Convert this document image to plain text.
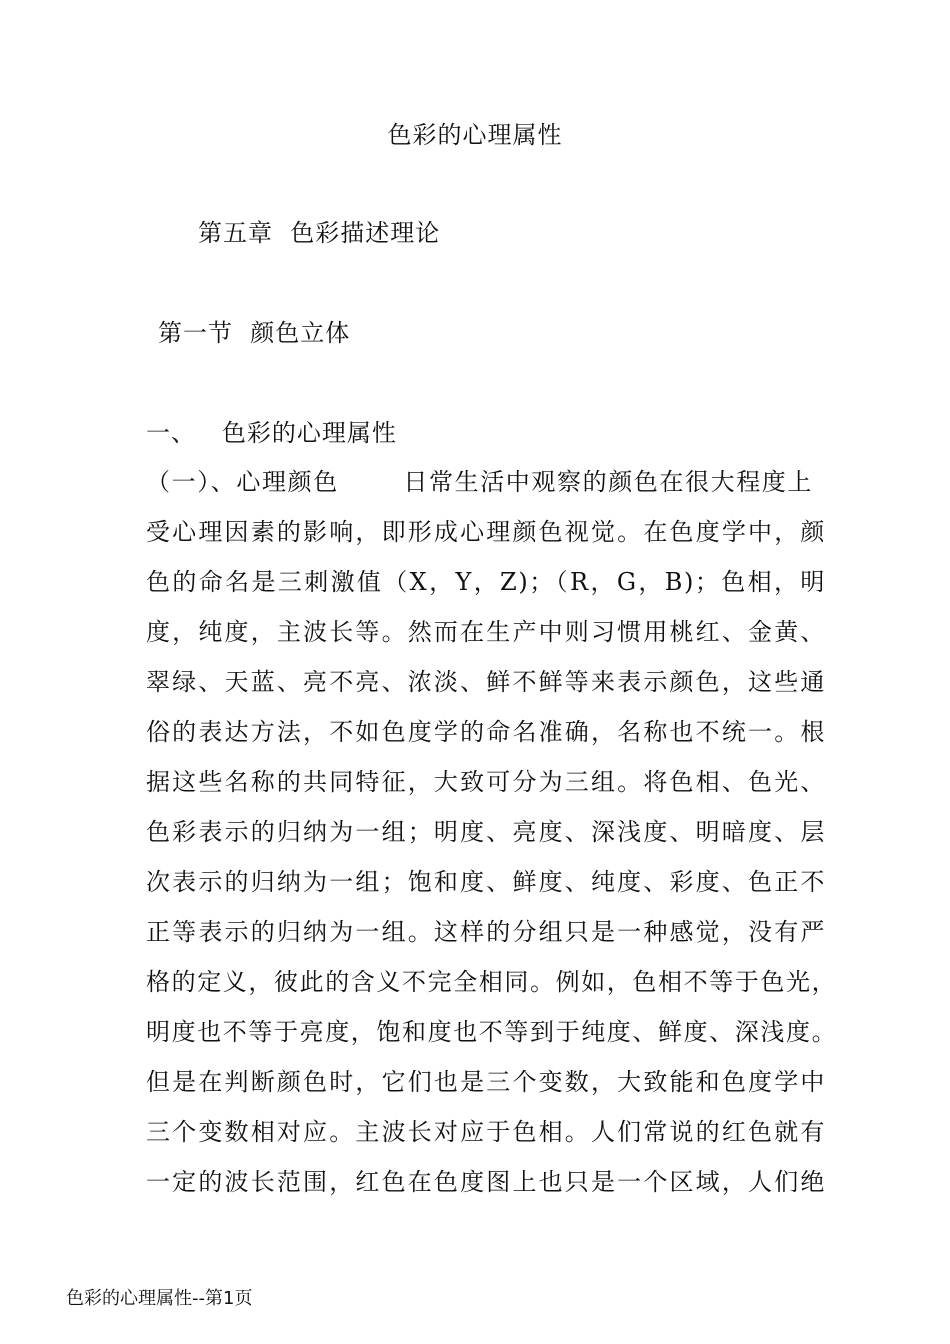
色彩的心理属性
第五章  色彩描述理论
第一节  颜色立体
一、   色彩的心理属性
（一）、心理颜色       日常生活中观察的颜色在很大程度上
受心理因素的影响，即形成心理颜色视觉。在色度学中，颜
色的命名是三刺激值（X，Y，Z)；（R，G，B)；色相，明
度，纯度，主波长等。然而在生产中则习惯用桃红、金黄、
翠绿、天蓝、亮不亮、浓淡、鲜不鲜等来表示颜色，这些通
俗的表达方法，不如色度学的命名准确，名称也不统一。根
据这些名称的共同特征，大致可分为三组。将色相、色光、
色彩表示的归纳为一组；明度、亮度、深浅度、明暗度、层
次表示的归纳为一组；饱和度、鲜度、纯度、彩度、色正不
正等表示的归纳为一组。这样的分组只是一种感觉，没有严
格的定义，彼此的含义不完全相同。例如，色相不等于色光，
明度也不等于亮度，饱和度也不等到于纯度、鲜度、深浅度。
但是在判断颜色时，它们也是三个变数，大致能和色度学中
三个变数相对应。主波长对应于色相。人们常说的红色就有
一定的波长范围，红色在色度图上也只是一个区域，人们绝
色彩的心理属性--第1页
